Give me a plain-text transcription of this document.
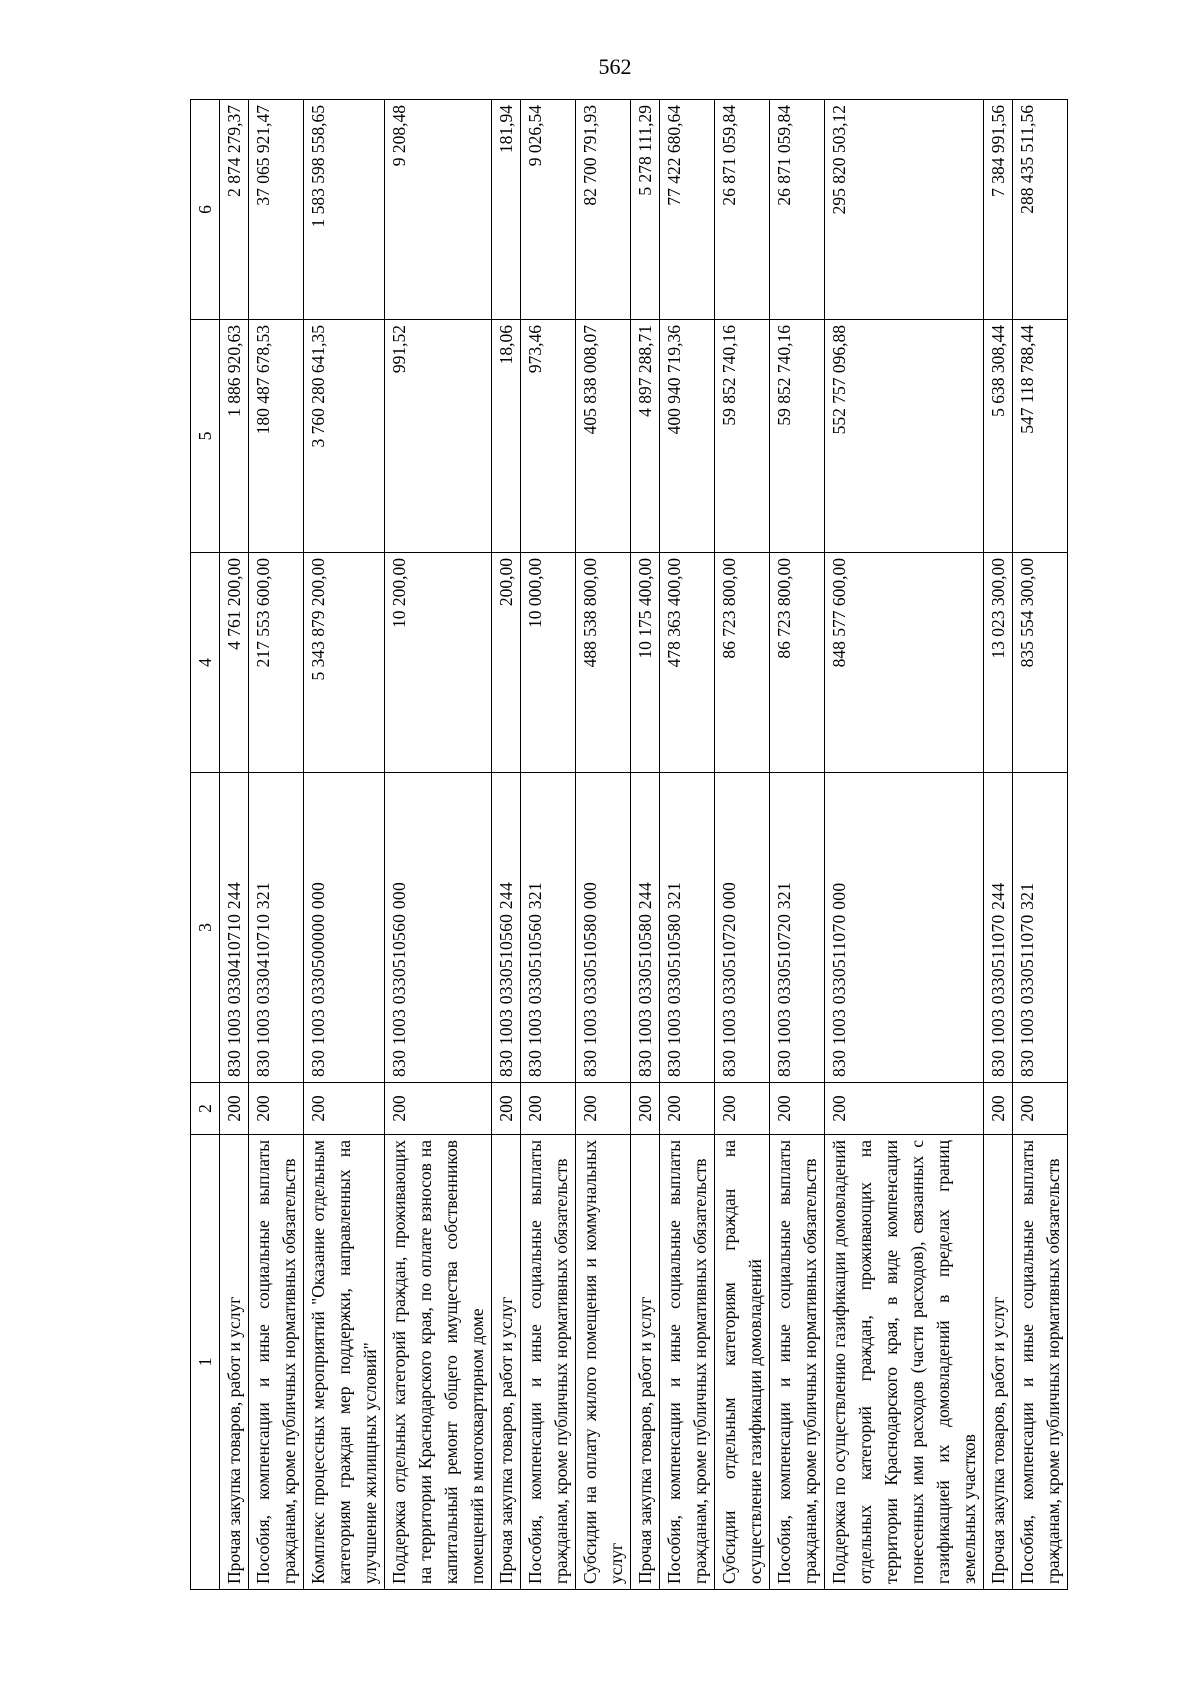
562
1	2	3	4	5	6
Прочая закупка товаров, работ и услуг	200	830 1003 0330410710 244	4 761 200,00	1 886 920,63	2 874 279,37
Пособия, компенсации и иные социальные выплаты гражданам, кроме публичных нормативных обязательств	200	830 1003 0330410710 321	217 553 600,00	180 487 678,53	37 065 921,47
Комплекс процессных мероприятий "Оказание отдельным категориям граждан мер поддержки, направленных на улучшение жилищных условий"	200	830 1003 0330500000 000	5 343 879 200,00	3 760 280 641,35	1 583 598 558,65
Поддержка отдельных категорий граждан, проживающих на территории Краснодарского края, по оплате взносов на капитальный ремонт общего имущества собственников помещений в многоквартирном доме	200	830 1003 0330510560 000	10 200,00	991,52	9 208,48
Прочая закупка товаров, работ и услуг	200	830 1003 0330510560 244	200,00	18,06	181,94
Пособия, компенсации и иные социальные выплаты гражданам, кроме публичных нормативных обязательств	200	830 1003 0330510560 321	10 000,00	973,46	9 026,54
Субсидии на оплату жилого помещения и коммунальных услуг	200	830 1003 0330510580 000	488 538 800,00	405 838 008,07	82 700 791,93
Прочая закупка товаров, работ и услуг	200	830 1003 0330510580 244	10 175 400,00	4 897 288,71	5 278 111,29
Пособия, компенсации и иные социальные выплаты гражданам, кроме публичных нормативных обязательств	200	830 1003 0330510580 321	478 363 400,00	400 940 719,36	77 422 680,64
Субсидии отдельным категориям граждан на осуществление газификации домовладений	200	830 1003 0330510720 000	86 723 800,00	59 852 740,16	26 871 059,84
Пособия, компенсации и иные социальные выплаты гражданам, кроме публичных нормативных обязательств	200	830 1003 0330510720 321	86 723 800,00	59 852 740,16	26 871 059,84
Поддержка по осуществлению газификации домовладений отдельных категорий граждан, проживающих на территории Краснодарского края, в виде компенсации понесенных ими расходов (части расходов), связанных с газификацией их домовладений в пределах границ земельных участков	200	830 1003 0330511070 000	848 577 600,00	552 757 096,88	295 820 503,12
Прочая закупка товаров, работ и услуг	200	830 1003 0330511070 244	13 023 300,00	5 638 308,44	7 384 991,56
Пособия, компенсации и иные социальные выплаты гражданам, кроме публичных нормативных обязательств	200	830 1003 0330511070 321	835 554 300,00	547 118 788,44	288 435 511,56
